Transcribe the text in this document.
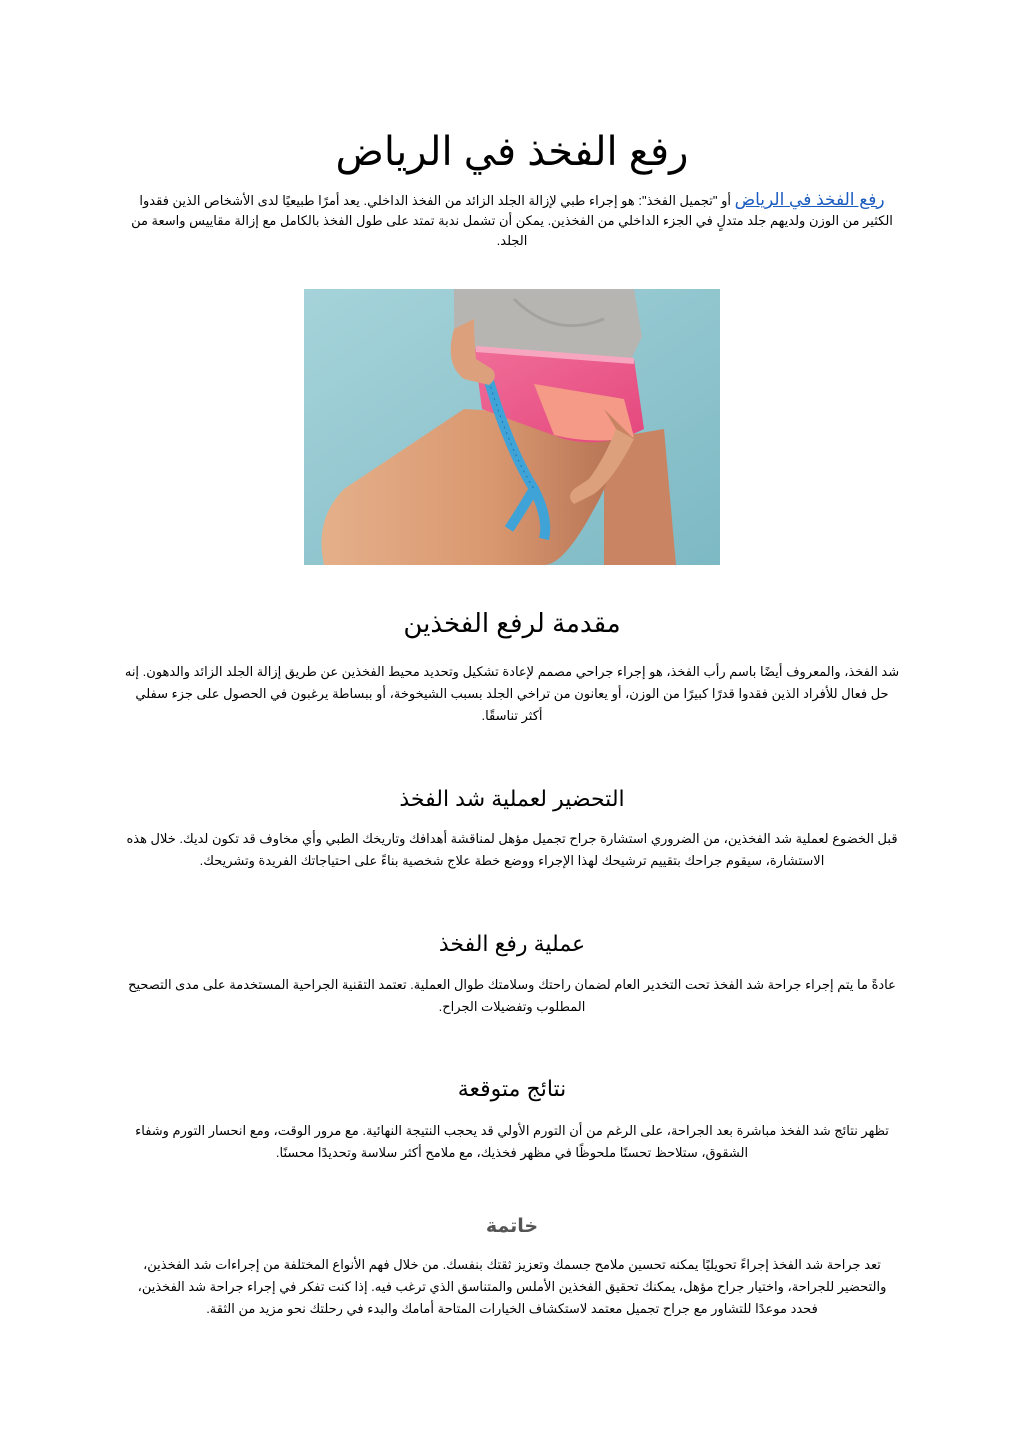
رفع الفخذ في الرياض

رفع الفخذ في الرياض أو "تجميل الفخذ": هو إجراء طبي لإزالة الجلد الزائد من الفخذ الداخلي. يعد أمرًا طبيعيًا لدى الأشخاص الذين فقدوا الكثير من الوزن ولديهم جلد متدلٍ في الجزء الداخلي من الفخذين. يمكن أن تشمل ندبة تمتد على طول الفخذ بالكامل مع إزالة مقاييس واسعة من الجلد.

مقدمة لرفع الفخذين

شد الفخذ، والمعروف أيضًا باسم رأب الفخذ، هو إجراء جراحي مصمم لإعادة تشكيل وتحديد محيط الفخذين عن طريق إزالة الجلد الزائد والدهون. إنه حل فعال للأفراد الذين فقدوا قدرًا كبيرًا من الوزن، أو يعانون من تراخي الجلد بسبب الشيخوخة، أو ببساطة يرغبون في الحصول على جزء سفلي أكثر تناسقًا.

التحضير لعملية شد الفخذ

قبل الخضوع لعملية شد الفخذين، من الضروري استشارة جراح تجميل مؤهل لمناقشة أهدافك وتاريخك الطبي وأي مخاوف قد تكون لديك. خلال هذه الاستشارة، سيقوم جراحك بتقييم ترشيحك لهذا الإجراء ووضع خطة علاج شخصية بناءً على احتياجاتك الفريدة وتشريحك.

عملية رفع الفخذ

عادةً ما يتم إجراء جراحة شد الفخذ تحت التخدير العام لضمان راحتك وسلامتك طوال العملية. تعتمد التقنية الجراحية المستخدمة على مدى التصحيح المطلوب وتفضيلات الجراح.

نتائج متوقعة

تظهر نتائج شد الفخذ مباشرة بعد الجراحة، على الرغم من أن التورم الأولي قد يحجب النتيجة النهائية. مع مرور الوقت، ومع انحسار التورم وشفاء الشقوق، ستلاحظ تحسنًا ملحوظًا في مظهر فخذيك، مع ملامح أكثر سلاسة وتحديدًا محسنًا.

خاتمة

تعد جراحة شد الفخذ إجراءً تحويليًا يمكنه تحسين ملامح جسمك وتعزيز ثقتك بنفسك. من خلال فهم الأنواع المختلفة من إجراءات شد الفخذين، والتحضير للجراحة، واختيار جراح مؤهل، يمكنك تحقيق الفخذين الأملس والمتناسق الذي ترغب فيه. إذا كنت تفكر في إجراء جراحة شد الفخذين، فحدد موعدًا للتشاور مع جراح تجميل معتمد لاستكشاف الخيارات المتاحة أمامك والبدء في رحلتك نحو مزيد من الثقة.
